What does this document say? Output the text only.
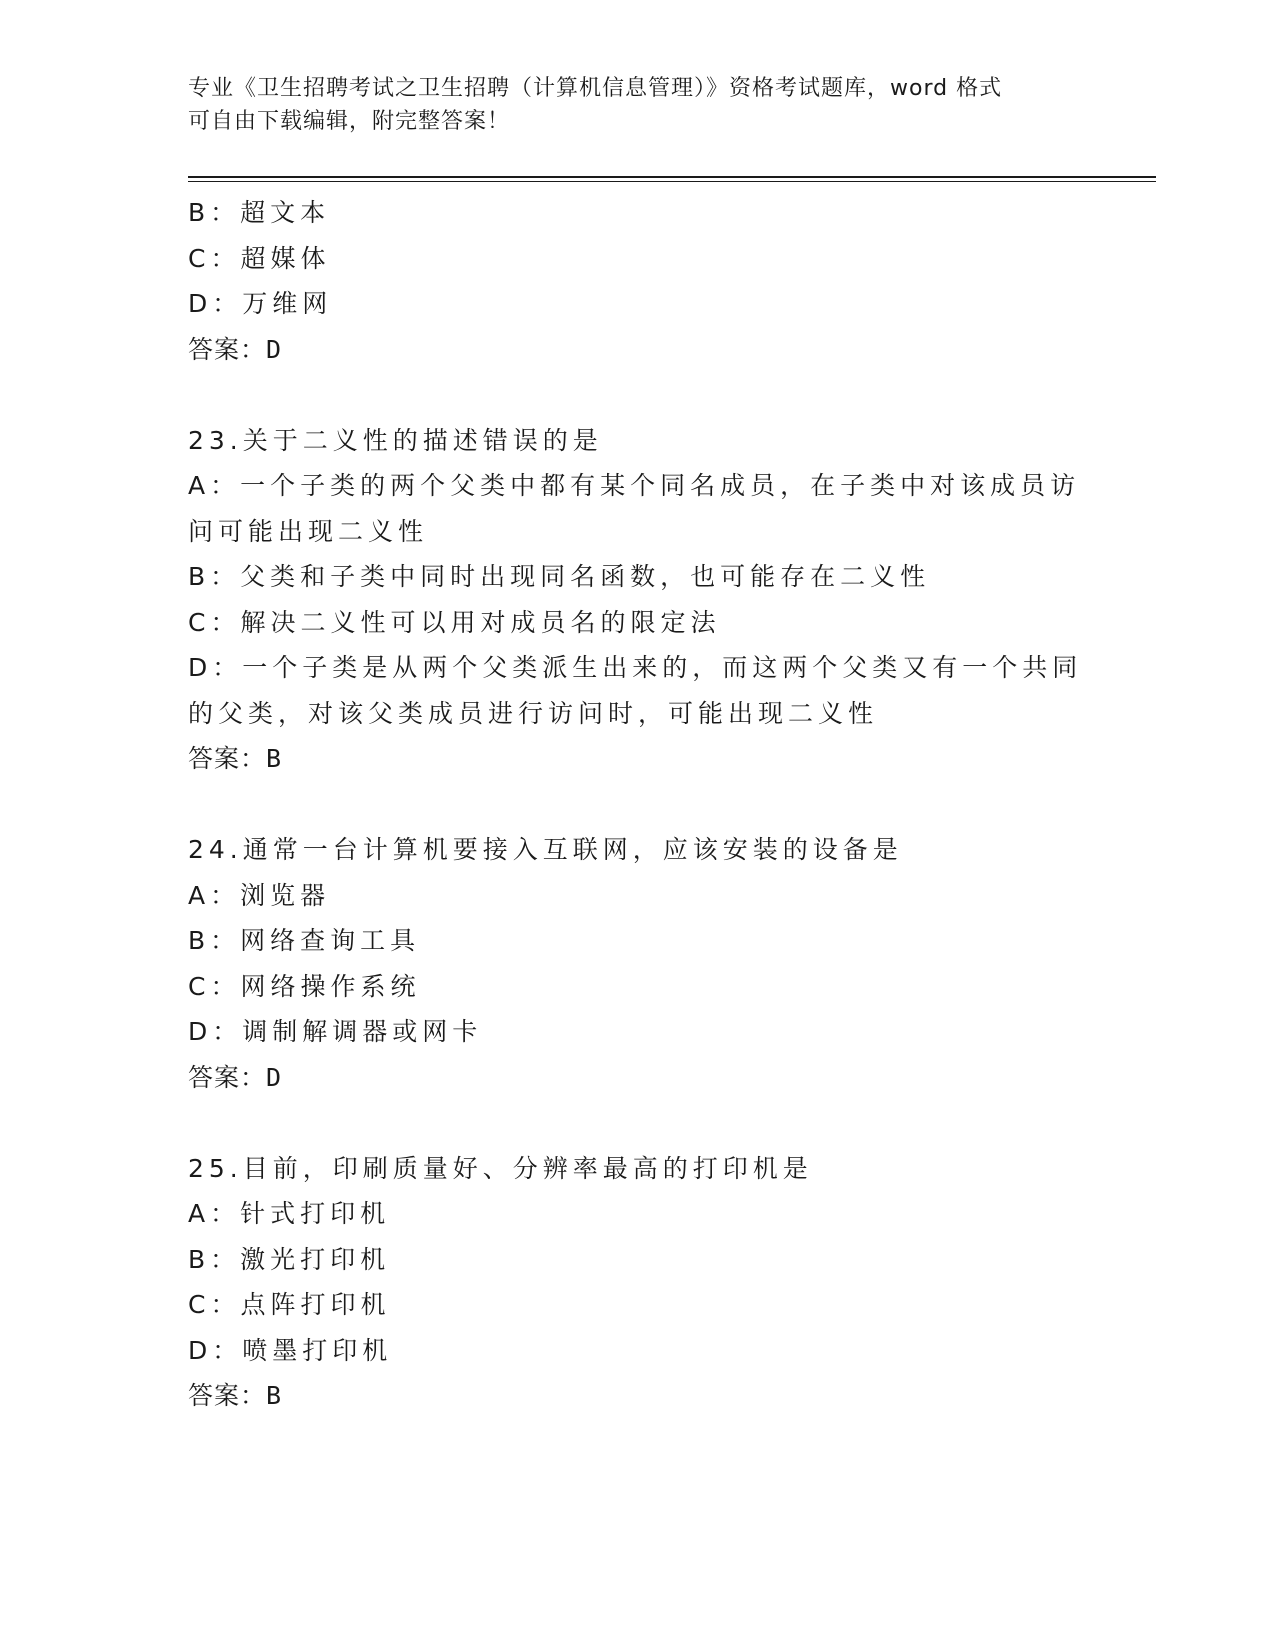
专业《卫生招聘考试之卫生招聘（计算机信息管理）》资格考试题库，word 格式
可自由下载编辑，附完整答案！
B：超文本
C：超媒体
D：万维网
答案：D
23.关于二义性的描述错误的是
A：一个子类的两个父类中都有某个同名成员，在子类中对该成员访问可能出现二义性
B：父类和子类中同时出现同名函数，也可能存在二义性
C：解决二义性可以用对成员名的限定法
D：一个子类是从两个父类派生出来的，而这两个父类又有一个共同的父类，对该父类成员进行访问时，可能出现二义性
答案：B
24.通常一台计算机要接入互联网，应该安装的设备是
A：浏览器
B：网络查询工具
C：网络操作系统
D：调制解调器或网卡
答案：D
25.目前，印刷质量好、分辨率最高的打印机是
A：针式打印机
B：激光打印机
C：点阵打印机
D：喷墨打印机
答案：B
